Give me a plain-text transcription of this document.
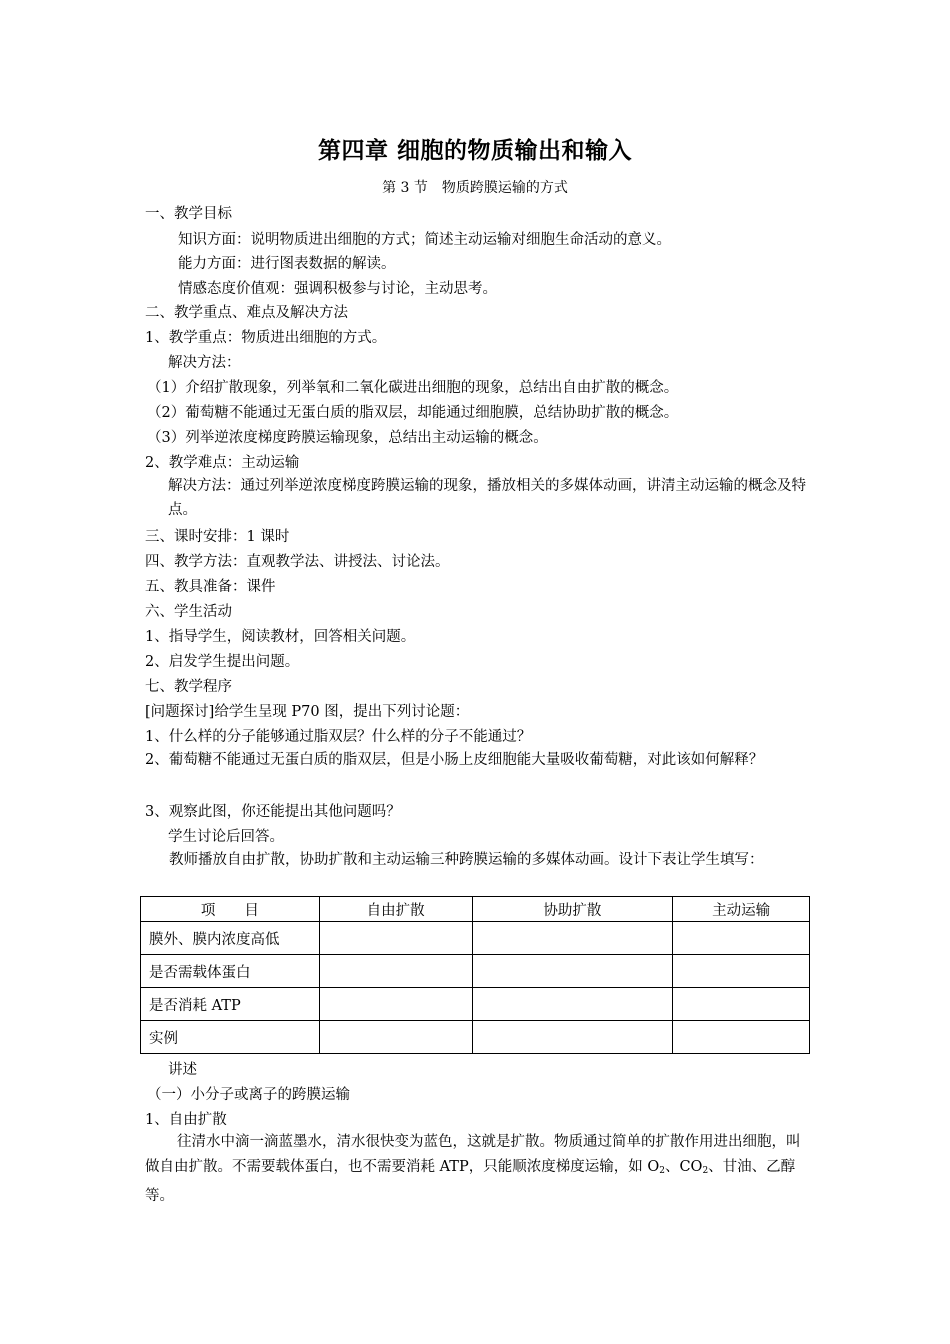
第四章 细胞的物质输出和输入
第 3 节　物质跨膜运输的方式
一、教学目标
知识方面：说明物质进出细胞的方式；简述主动运输对细胞生命活动的意义。
能力方面：进行图表数据的解读。
情感态度价值观：强调积极参与讨论，主动思考。
二、教学重点、难点及解决方法
1、教学重点：物质进出细胞的方式。
解决方法：
（1）介绍扩散现象，列举氧和二氧化碳进出细胞的现象，总结出自由扩散的概念。
（2）葡萄糖不能通过无蛋白质的脂双层，却能通过细胞膜，总结协助扩散的概念。
（3）列举逆浓度梯度跨膜运输现象，总结出主动运输的概念。
2、教学难点：主动运输
解决方法：通过列举逆浓度梯度跨膜运输的现象，播放相关的多媒体动画，讲清主动运输的概念及特点。
三、课时安排：1 课时
四、教学方法：直观教学法、讲授法、讨论法。
五、教具准备：课件
六、学生活动
1、指导学生，阅读教材，回答相关问题。
2、启发学生提出问题。
七、教学程序
[问题探讨]给学生呈现 P70 图，提出下列讨论题：
1、什么样的分子能够通过脂双层？什么样的分子不能通过？
2、葡萄糖不能通过无蛋白质的脂双层，但是小肠上皮细胞能大量吸收葡萄糖，对此该如何解释？
3、观察此图，你还能提出其他问题吗？
学生讨论后回答。
教师播放自由扩散，协助扩散和主动运输三种跨膜运输的多媒体动画。设计下表让学生填写：
项　　目	自由扩散	协助扩散	主动运输
膜外、膜内浓度高低			
是否需载体蛋白			
是否消耗 ATP			
实例			
讲述
（一）小分子或离子的跨膜运输
1、自由扩散
往清水中滴一滴蓝墨水，清水很快变为蓝色，这就是扩散。物质通过简单的扩散作用进出细胞，叫做自由扩散。不需要载体蛋白，也不需要消耗 ATP，只能顺浓度梯度运输，如 $O_2$、$CO_2$、甘油、乙醇等。
